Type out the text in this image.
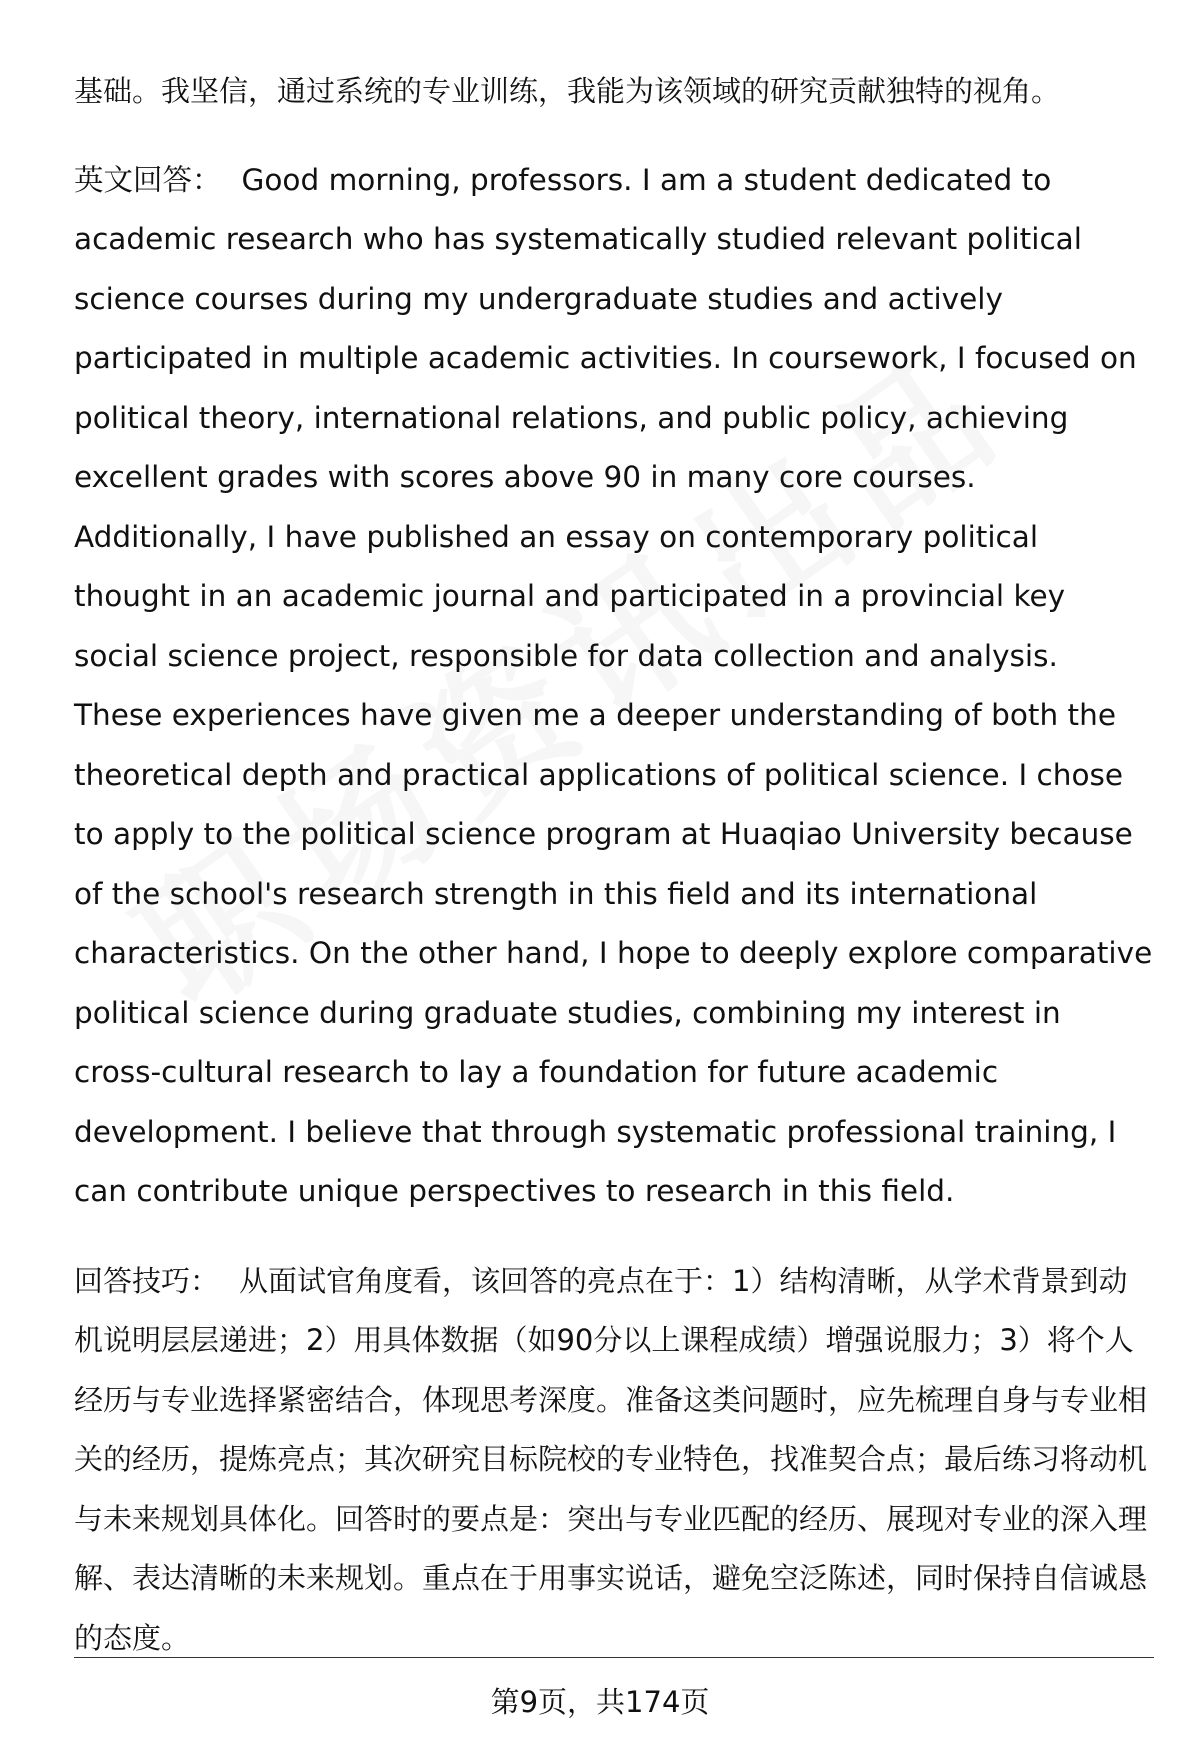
基础。我坚信，通过系统的专业训练，我能为该领域的研究贡献独特的视角。

英文回答： Good morning, professors. I am a student dedicated to academic research who has systematically studied relevant political science courses during my undergraduate studies and actively participated in multiple academic activities. In coursework, I focused on political theory, international relations, and public policy, achieving excellent grades with scores above 90 in many core courses. Additionally, I have published an essay on contemporary political thought in an academic journal and participated in a provincial key social science project, responsible for data collection and analysis. These experiences have given me a deeper understanding of both the theoretical depth and practical applications of political science. I chose to apply to the political science program at Huaqiao University because of the school's research strength in this field and its international characteristics. On the other hand, I hope to deeply explore comparative political science during graduate studies, combining my interest in cross-cultural research to lay a foundation for future academic development. I believe that through systematic professional training, I can contribute unique perspectives to research in this field.

回答技巧： 从面试官角度看，该回答的亮点在于：1）结构清晰，从学术背景到动机说明层层递进；2）用具体数据（如90分以上课程成绩）增强说服力；3）将个人经历与专业选择紧密结合，体现思考深度。准备这类问题时，应先梳理自身与专业相关的经历，提炼亮点；其次研究目标院校的专业特色，找准契合点；最后练习将动机与未来规划具体化。回答时的要点是：突出与专业匹配的经历、展现对专业的深入理解、表达清晰的未来规划。重点在于用事实说话，避免空泛陈述，同时保持自信诚恳的态度。

第9页，共174页
